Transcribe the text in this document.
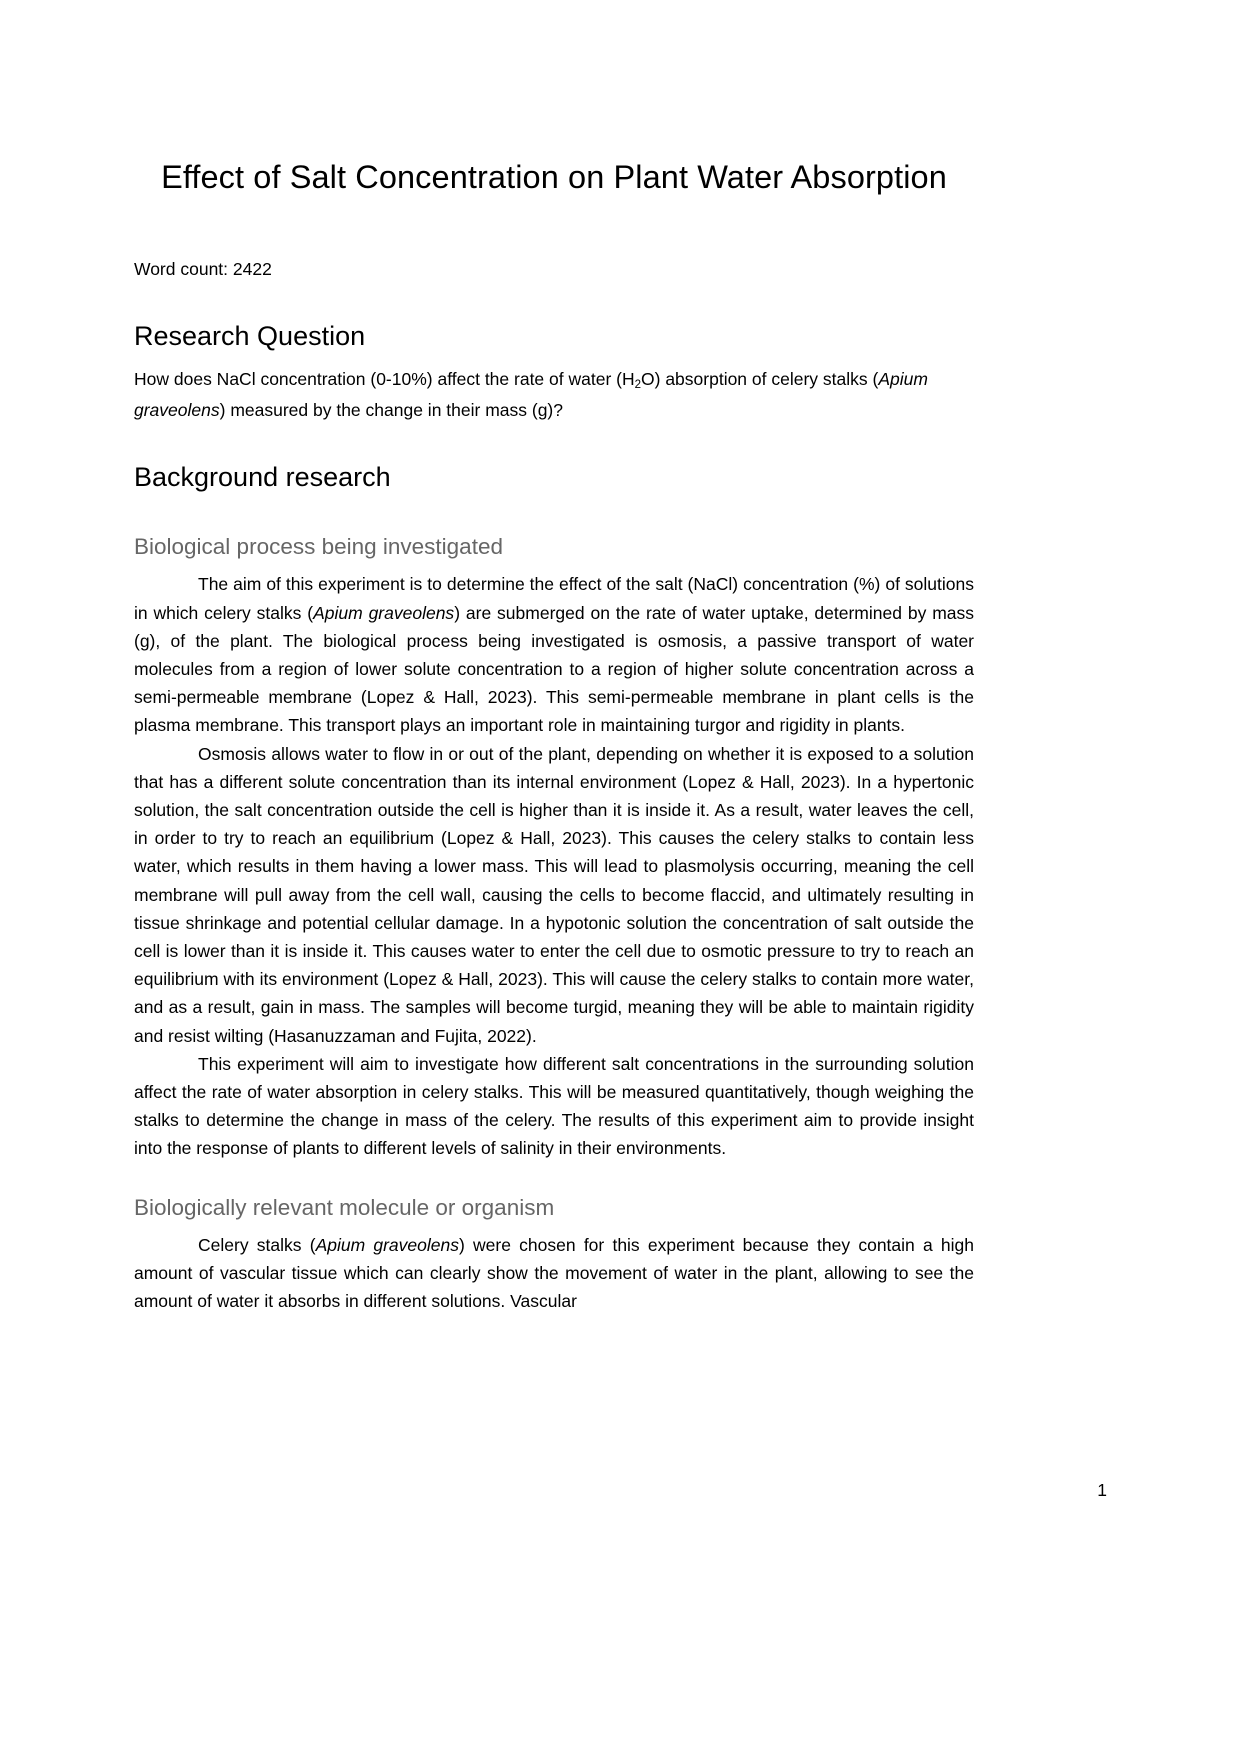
Effect of Salt Concentration on Plant Water Absorption

Word count: 2422

Research Question

How does NaCl concentration (0-10%) affect the rate of water $(H_2O)$ absorption of celery stalks (Apium graveolens) measured by the change in their mass (g)?

Background research
Biological process being investigated

The aim of this experiment is to determine the effect of the salt (NaCl) concentration (%) of solutions in which celery stalks (Apium graveolens) are submerged on the rate of water uptake, determined by mass (g), of the plant. The biological process being investigated is osmosis, a passive transport of water molecules from a region of lower solute concentration to a region of higher solute concentration across a semi-permeable membrane (Lopez & Hall, 2023). This semi-permeable membrane in plant cells is the plasma membrane. This transport plays an important role in maintaining turgor and rigidity in plants.

Osmosis allows water to flow in or out of the plant, depending on whether it is exposed to a solution that has a different solute concentration than its internal environment (Lopez & Hall, 2023). In a hypertonic solution, the salt concentration outside the cell is higher than it is inside it. As a result, water leaves the cell, in order to try to reach an equilibrium (Lopez & Hall, 2023). This causes the celery stalks to contain less water, which results in them having a lower mass. This will lead to plasmolysis occurring, meaning the cell membrane will pull away from the cell wall, causing the cells to become flaccid, and ultimately resulting in tissue shrinkage and potential cellular damage. In a hypotonic solution the concentration of salt outside the cell is lower than it is inside it. This causes water to enter the cell due to osmotic pressure to try to reach an equilibrium with its environment (Lopez & Hall, 2023). This will cause the celery stalks to contain more water, and as a result, gain in mass. The samples will become turgid, meaning they will be able to maintain rigidity and resist wilting (Hasanuzzaman and Fujita, 2022).

This experiment will aim to investigate how different salt concentrations in the surrounding solution affect the rate of water absorption in celery stalks. This will be measured quantitatively, though weighing the stalks to determine the change in mass of the celery. The results of this experiment aim to provide insight into the response of plants to different levels of salinity in their environments.

Biologically relevant molecule or organism

Celery stalks (Apium graveolens) were chosen for this experiment because they contain a high amount of vascular tissue which can clearly show the movement of water in the plant, allowing to see the amount of water it absorbs in different solutions. Vascular

1
